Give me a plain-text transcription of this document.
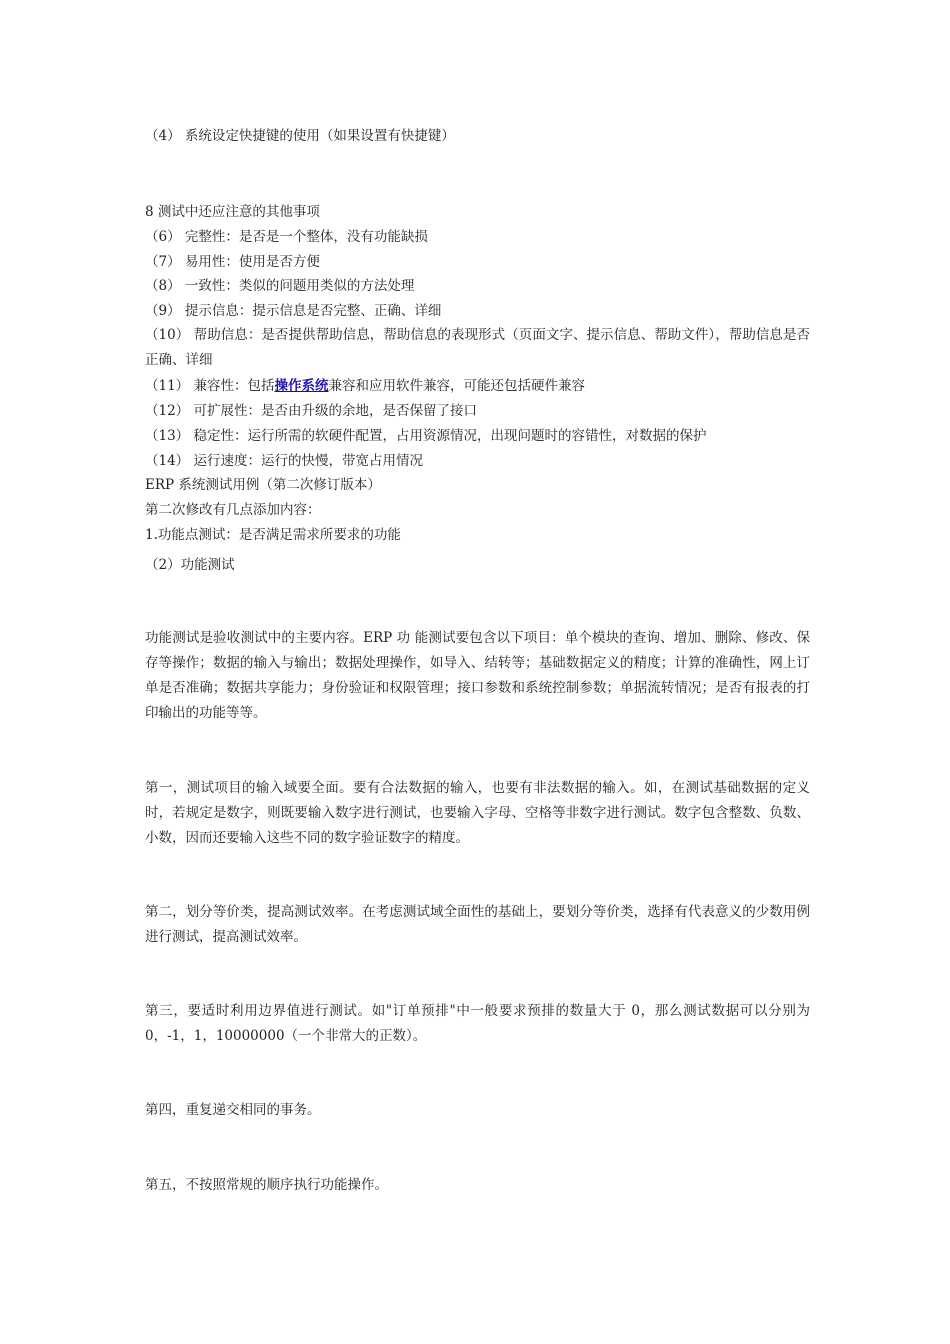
（4） 系统设定快捷键的使用（如果设置有快捷键）
8 测试中还应注意的其他事项
（6） 完整性：是否是一个整体，没有功能缺损
（7） 易用性：使用是否方便
（8） 一致性：类似的问题用类似的方法处理
（9） 提示信息：提示信息是否完整、正确、详细
（10） 帮助信息：是否提供帮助信息，帮助信息的表现形式（页面文字、提示信息、帮助文件），帮助信息是否正确、详细
（11） 兼容性：包括操作系统兼容和应用软件兼容，可能还包括硬件兼容
（12） 可扩展性：是否由升级的余地，是否保留了接口
（13） 稳定性：运行所需的软硬件配置，占用资源情况，出现问题时的容错性，对数据的保护
（14） 运行速度：运行的快慢，带宽占用情况
ERP 系统测试用例（第二次修订版本）
第二次修改有几点添加内容：
1.功能点测试：是否满足需求所要求的功能
（2）功能测试
功能测试是验收测试中的主要内容。ERP 功 能测试要包含以下项目：单个模块的查询、增加、删除、修改、保存等操作；数据的输入与输出；数据处理操作，如导入、结转等；基础数据定义的精度；计算的准确性，网上订单是否准确；数据共享能力；身份验证和权限管理；接口参数和系统控制参数；单据流转情况；是否有报表的打印输出的功能等等。
第一，测试项目的输入域要全面。要有合法数据的输入，也要有非法数据的输入。如，在测试基础数据的定义时，若规定是数字，则既要输入数字进行测试，也要输入字母、空格等非数字进行测试。数字包含整数、负数、小数，因而还要输入这些不同的数字验证数字的精度。
第二，划分等价类，提高测试效率。在考虑测试域全面性的基础上，要划分等价类，选择有代表意义的少数用例进行测试，提高测试效率。
第三，要适时利用边界值进行测试。如"订单预排"中一般要求预排的数量大于 0，那么测试数据可以分别为 0，-1，1，10000000（一个非常大的正数）。
第四，重复递交相同的事务。
第五，不按照常规的顺序执行功能操作。
